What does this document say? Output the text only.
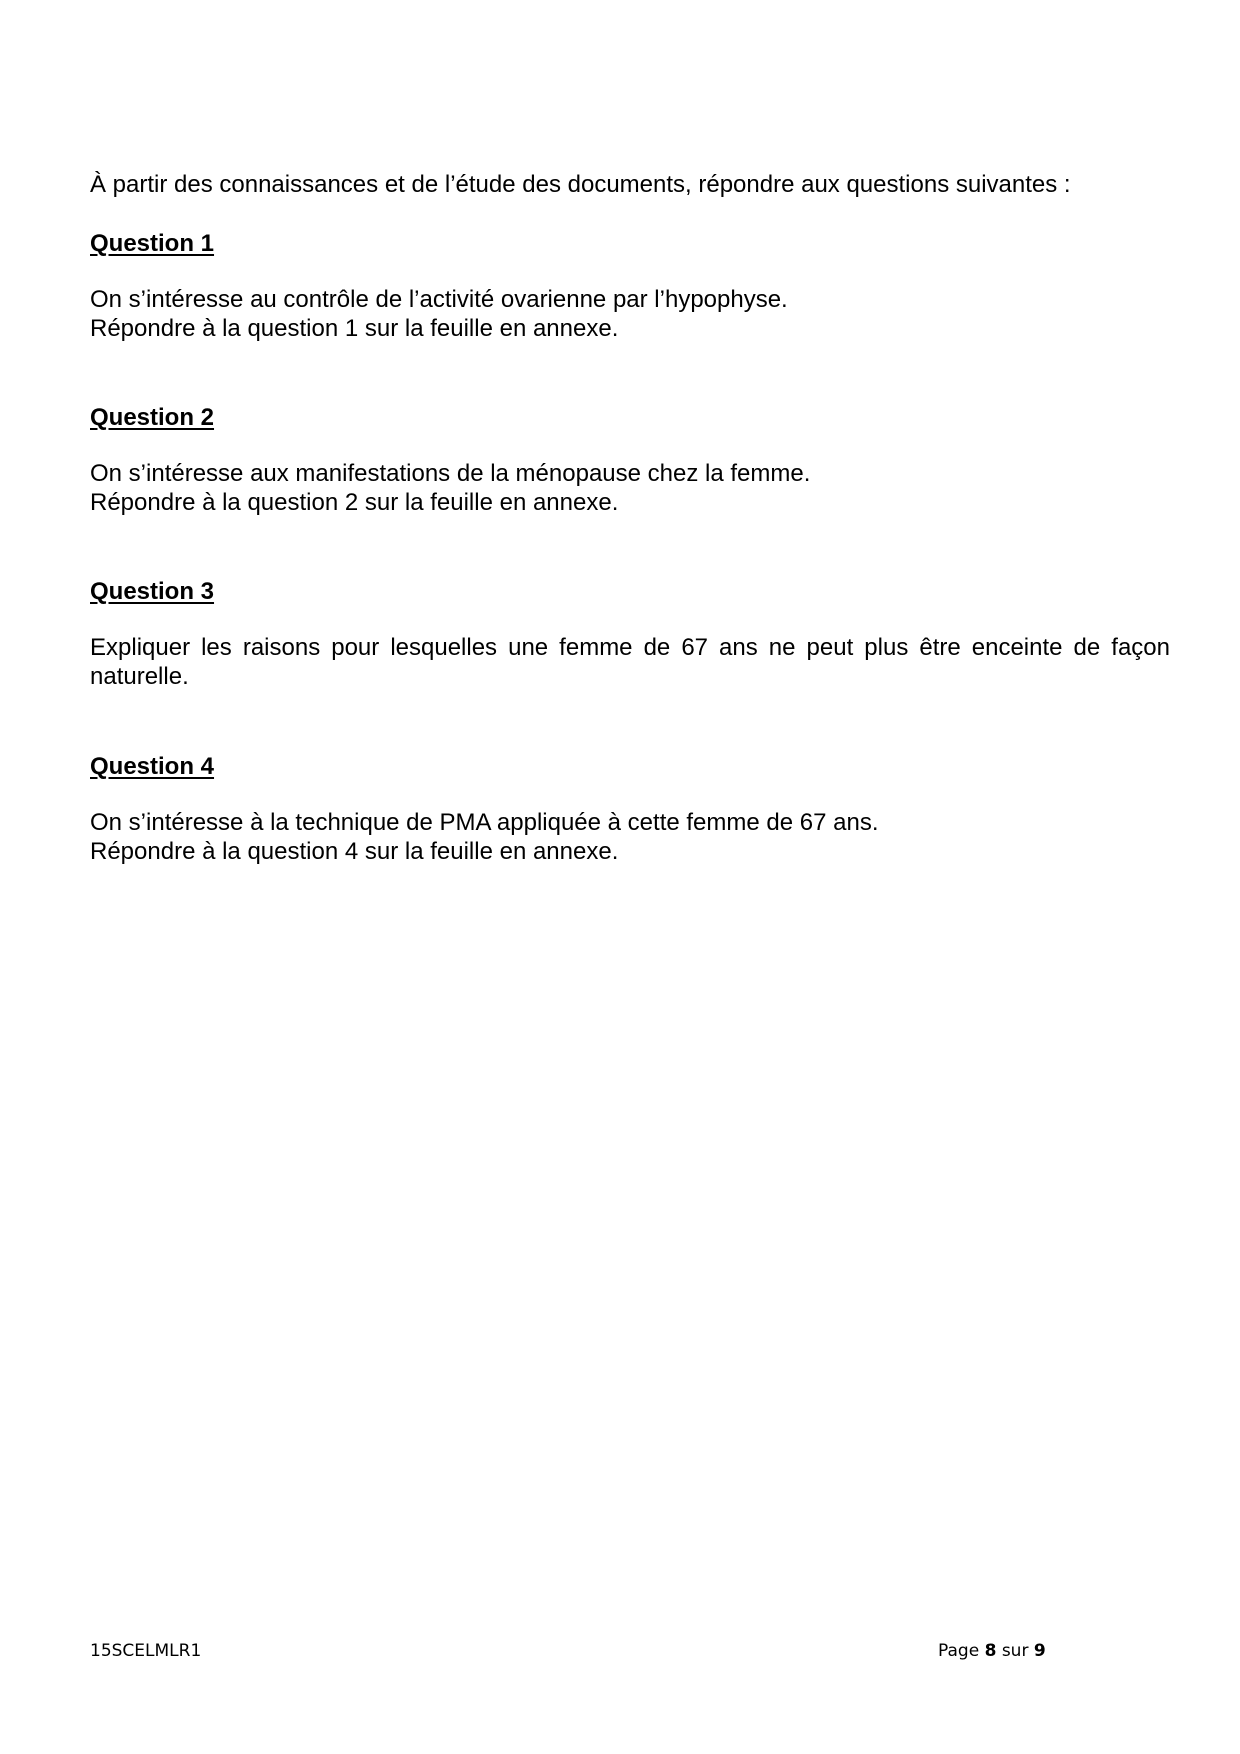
À partir des connaissances et de l’étude des documents, répondre aux questions suivantes :

Question 1

On s’intéresse au contrôle de l’activité ovarienne par l’hypophyse.
Répondre à la question 1 sur la feuille en annexe.

Question 2

On s’intéresse aux manifestations de la ménopause chez la femme.
Répondre à la question 2 sur la feuille en annexe.

Question 3

Expliquer les raisons pour lesquelles une femme de 67 ans ne peut plus être enceinte de façon
naturelle.

Question 4

On s’intéresse à la technique de PMA appliquée à cette femme de 67 ans.
Répondre à la question 4 sur la feuille en annexe.

15SCELMLR1	Page 8 sur 9
